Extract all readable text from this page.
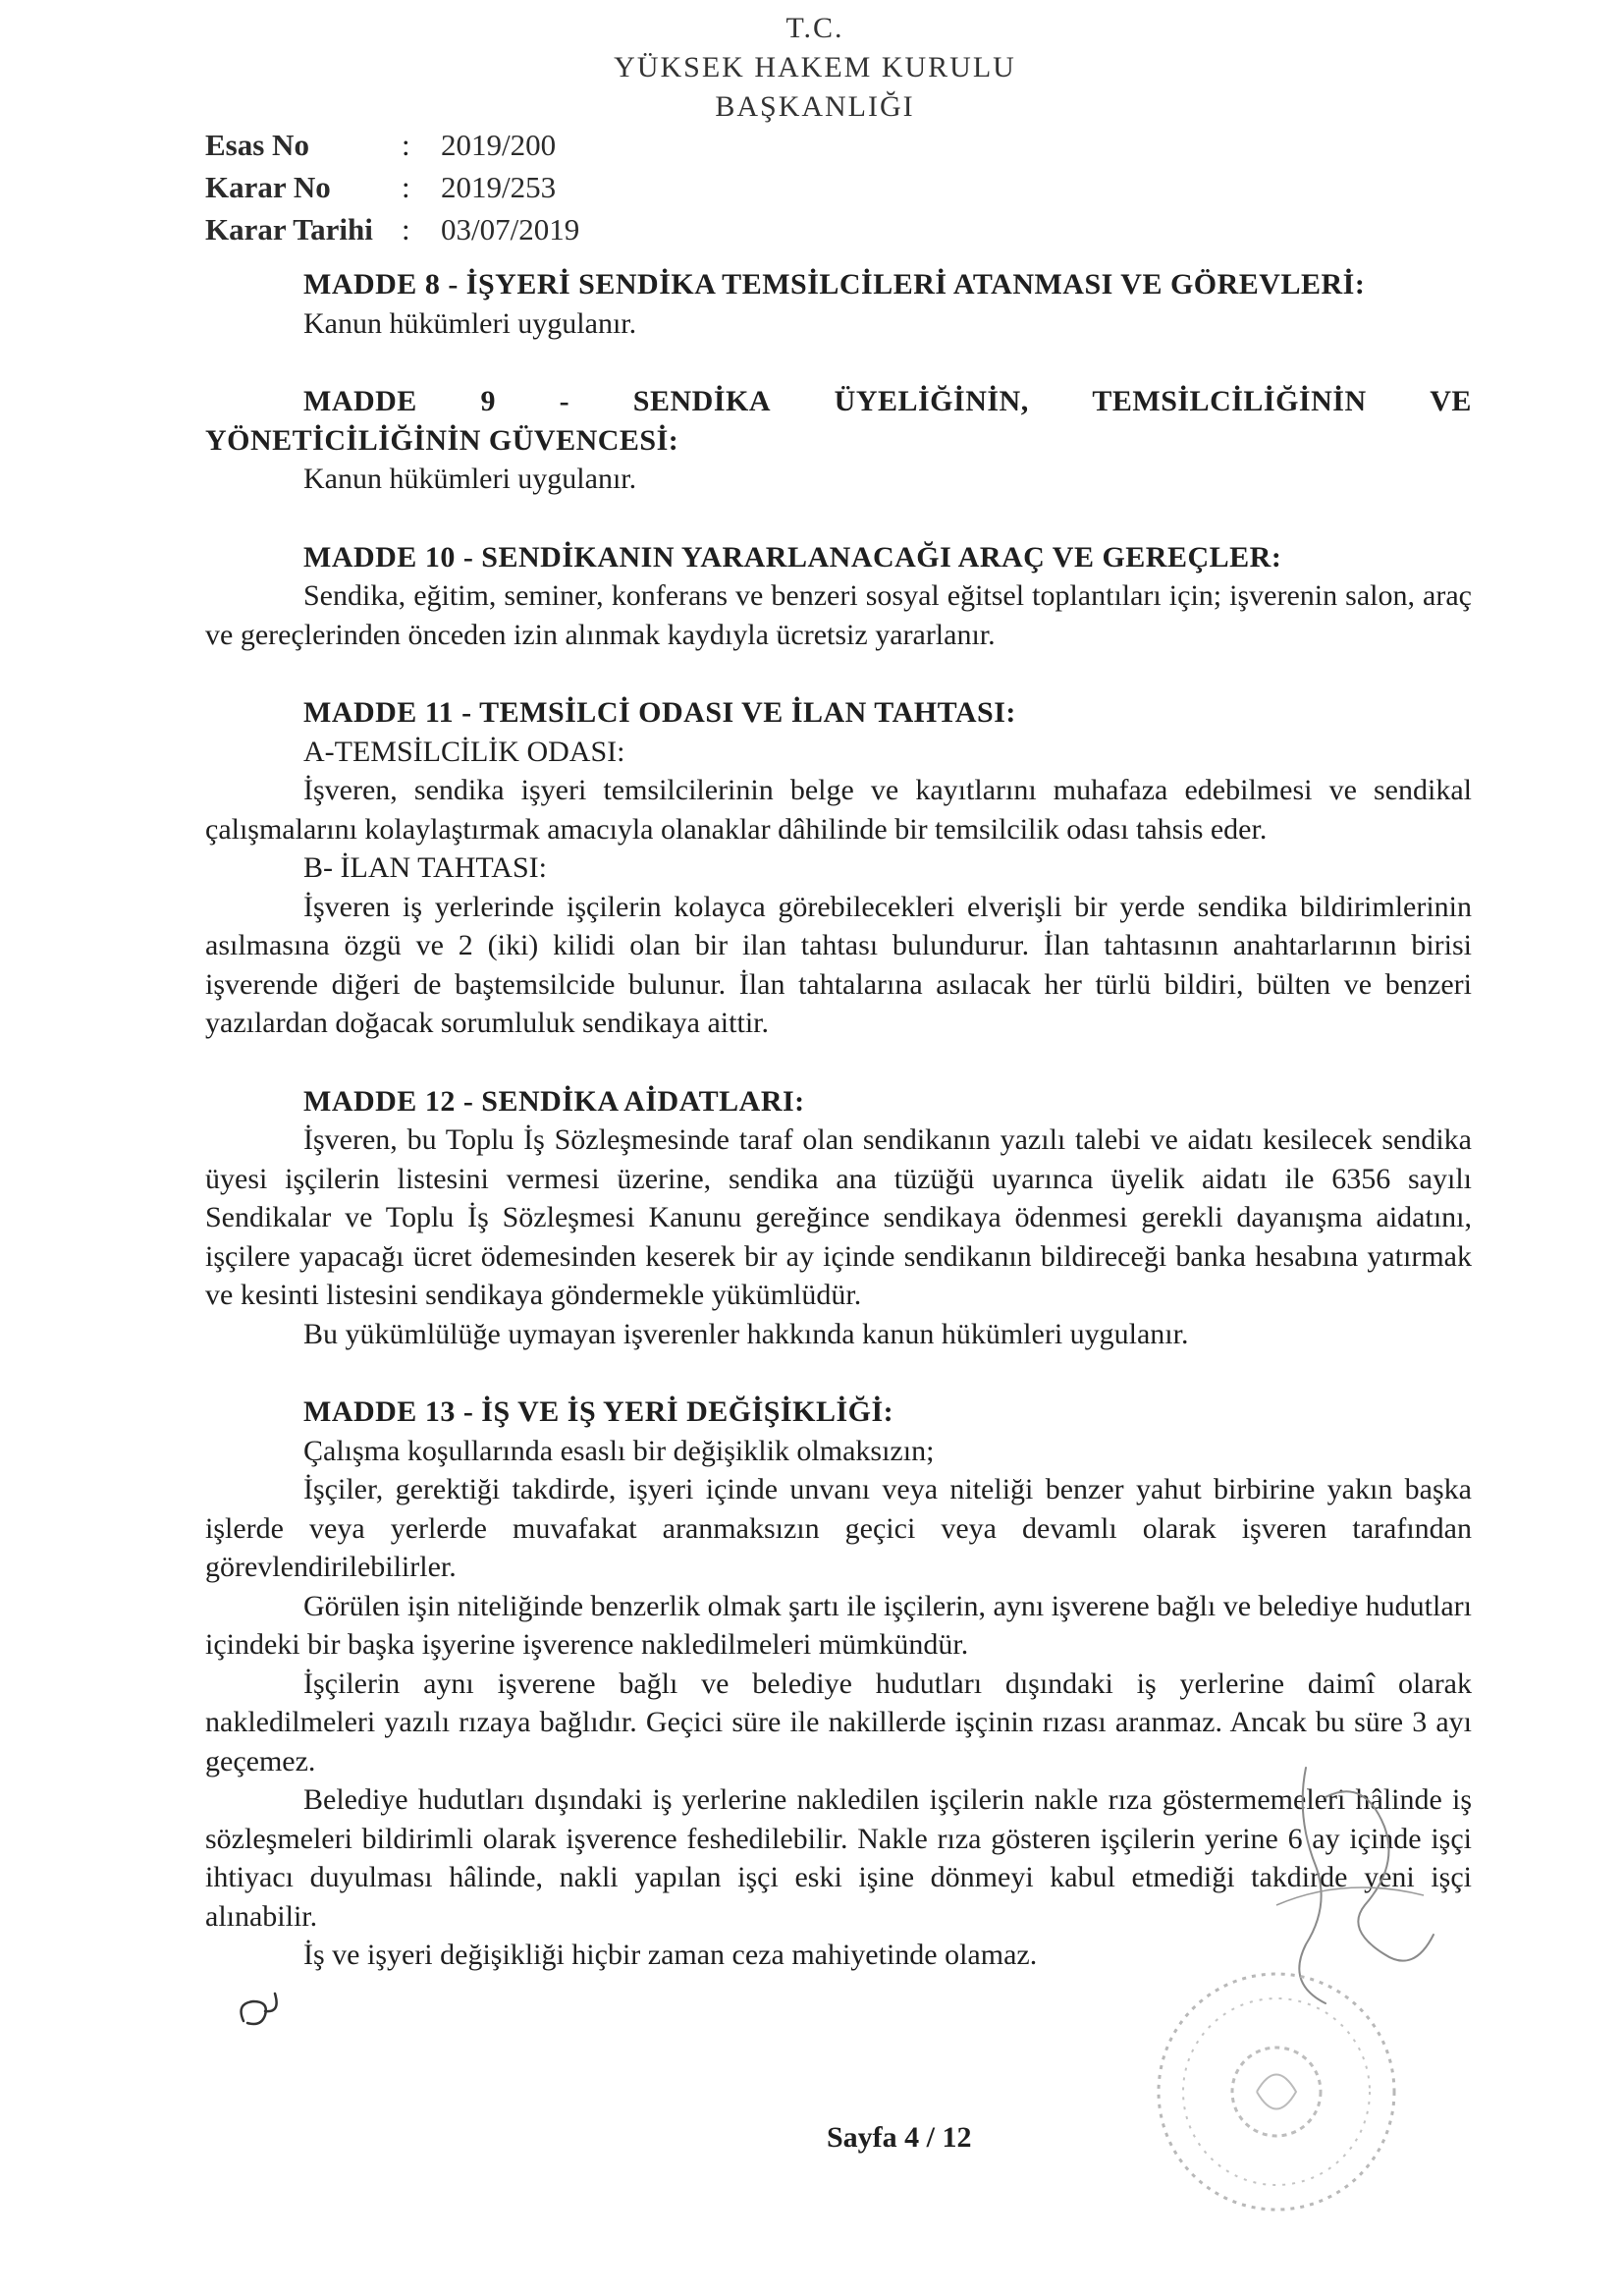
T.C.
YÜKSEK HAKEM KURULU
BAŞKANLIĞI
Esas No	:	2019/200
Karar No	:	2019/253
Karar Tarihi :	03/07/2019
MADDE 8 - İŞYERİ SENDİKA TEMSİLCİLERİ ATANMASI VE GÖREVLERİ:

Kanun hükümleri uygulanır.

MADDE 9 - SENDİKA ÜYELİĞİNİN, TEMSİLCİLİĞİNİN VE
YÖNETİCİLİĞİNİN GÜVENCESİ:

Kanun hükümleri uygulanır.

MADDE 10 - SENDİKANIN YARARLANACAĞI ARAÇ VE GEREÇLER:

Sendika, eğitim, seminer, konferans ve benzeri sosyal eğitsel toplantıları için; işverenin salon, araç ve gereçlerinden önceden izin alınmak kaydıyla ücretsiz yararlanır.

MADDE 11 - TEMSİLCİ ODASI VE İLAN TAHTASI:

A-TEMSİLCİLİK ODASI:

İşveren, sendika işyeri temsilcilerinin belge ve kayıtlarını muhafaza edebilmesi ve sendikal çalışmalarını kolaylaştırmak amacıyla olanaklar dâhilinde bir temsilcilik odası tahsis eder.

B- İLAN TAHTASI:

İşveren iş yerlerinde işçilerin kolayca görebilecekleri elverişli bir yerde sendika bildirimlerinin asılmasına özgü ve 2 (iki) kilidi olan bir ilan tahtası bulundurur. İlan tahtasının anahtarlarının birisi işverende diğeri de baştemsilcide bulunur. İlan tahtalarına asılacak her türlü bildiri, bülten ve benzeri yazılardan doğacak sorumluluk sendikaya aittir.

MADDE 12 - SENDİKA AİDATLARI:

İşveren, bu Toplu İş Sözleşmesinde taraf olan sendikanın yazılı talebi ve aidatı kesilecek sendika üyesi işçilerin listesini vermesi üzerine, sendika ana tüzüğü uyarınca üyelik aidatı ile 6356 sayılı Sendikalar ve Toplu İş Sözleşmesi Kanunu gereğince sendikaya ödenmesi gerekli dayanışma aidatını, işçilere yapacağı ücret ödemesinden keserek bir ay içinde sendikanın bildireceği banka hesabına yatırmak ve kesinti listesini sendikaya göndermekle yükümlüdür.

Bu yükümlülüğe uymayan işverenler hakkında kanun hükümleri uygulanır.

MADDE 13 - İŞ VE İŞ YERİ DEĞİŞİKLİĞİ:

Çalışma koşullarında esaslı bir değişiklik olmaksızın;

İşçiler, gerektiği takdirde, işyeri içinde unvanı veya niteliği benzer yahut birbirine yakın başka işlerde veya yerlerde muvafakat aranmaksızın geçici veya devamlı olarak işveren tarafından görevlendirilebilirler.

Görülen işin niteliğinde benzerlik olmak şartı ile işçilerin, aynı işverene bağlı ve belediye hudutları içindeki bir başka işyerine işverence nakledilmeleri mümkündür.

İşçilerin aynı işverene bağlı ve belediye hudutları dışındaki iş yerlerine daimî olarak nakledilmeleri yazılı rızaya bağlıdır. Geçici süre ile nakillerde işçinin rızası aranmaz. Ancak bu süre 3 ayı geçemez.

Belediye hudutları dışındaki iş yerlerine nakledilen işçilerin nakle rıza göstermemeleri hâlinde iş sözleşmeleri bildirimli olarak işverence feshedilebilir. Nakle rıza gösteren işçilerin yerine 6 ay içinde işçi ihtiyacı duyulması hâlinde, nakli yapılan işçi eski işine dönmeyi kabul etmediği takdirde yeni işçi alınabilir.

İş ve işyeri değişikliği hiçbir zaman ceza mahiyetinde olamaz.

Sayfa 4 / 12
